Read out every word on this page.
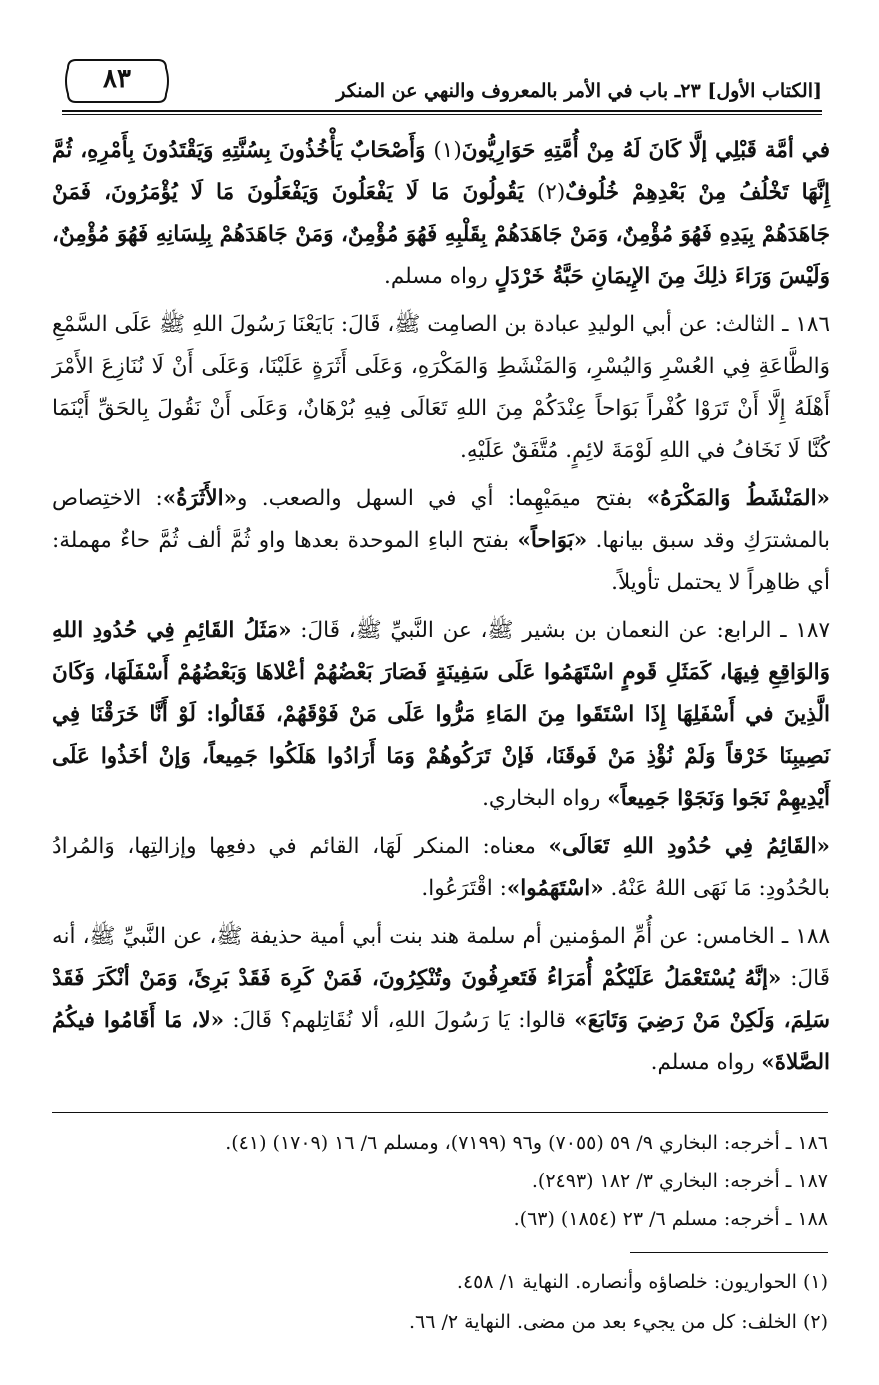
٨٣	[الكتاب الأول] ٢٣ـ باب في الأمر بالمعروف والنهي عن المنكر

في أمَّة قَبْلِي إلَّا كَانَ لَهُ مِنْ أُمَّتِهِ حَوَارِيُّونَ(١) وَأَصْحَابٌ يَأْخُذُونَ بِسُنَّتِهِ وَيَقْتَدُونَ بِأَمْرِهِ، ثُمَّ إِنَّهَا تَخْلُفُ مِنْ بَعْدِهِمْ خُلُوفٌ(٢) يَقُولُونَ مَا لَا يَفْعَلُونَ وَيَفْعَلُونَ مَا لَا يُؤْمَرُونَ، فَمَنْ جَاهَدَهُمْ بِيَدِهِ فَهُوَ مُؤْمِنٌ، وَمَنْ جَاهَدَهُمْ بِقَلْبِهِ فَهُوَ مُؤْمِنٌ، وَمَنْ جَاهَدَهُمْ بِلِسَانِهِ فَهُوَ مُؤْمِنٌ، وَلَيْسَ وَرَاءَ ذلِكَ مِنَ الإِيمَانِ حَبَّةُ خَرْدَلٍ رواه مسلم.

١٨٦ ـ الثالث: عن أبي الوليدِ عبادة بن الصامِت ﷺ، قَالَ: بَايَعْنَا رَسُولَ اللهِ ﷺ عَلَى السَّمْعِ وَالطَّاعَةِ فِي العُسْرِ وَاليُسْرِ، وَالمَنْشَطِ وَالمَكْرَهِ، وَعَلَى أَثَرَةٍ عَلَيْنَا، وَعَلَى أَنْ لَا نُنَازِعَ الأَمْرَ أَهْلَهُ إِلَّا أَنْ تَرَوْا كُفْراً بَوَاحاً عِنْدَكُمْ مِنَ اللهِ تَعَالَى فِيهِ بُرْهَانٌ، وَعَلَى أَنْ نَقُولَ بِالحَقِّ أَيْنَمَا كُنَّا لَا نَخَافُ في اللهِ لَوْمَةَ لائِمٍ. مُتَّفَقٌ عَلَيْهِ.

«المَنْشَطُ وَالمَكْرَهُ» بفتح ميمَيْهِما: أي في السهل والصعب. و«الأَثَرَةُ»: الاختِصاص بالمشترَكِ وقد سبق بيانها. «بَوَاحاً» بفتح الباءِ الموحدة بعدها واو ثُمَّ ألف ثُمَّ حاءٌ مهملة: أي ظاهِراً لا يحتمل تأويلاً.

١٨٧ ـ الرابع: عن النعمان بن بشير ﷺ، عن النَّبيِّ ﷺ، قَالَ: «مَثَلُ القَائِمِ فِي حُدُودِ اللهِ وَالوَاقِعِ فِيهَا، كَمَثَلِ قَومٍ اسْتَهَمُوا عَلَى سَفِينَةٍ فَصَارَ بَعْضُهُمْ أعْلاهَا وَبَعْضُهُمْ أَسْفَلَهَا، وَكَانَ الَّذِينَ في أَسْفَلِهَا إِذَا اسْتَقَوا مِنَ المَاءِ مَرُّوا عَلَى مَنْ فَوْقَهُمْ، فَقَالُوا: لَوْ أَنَّا خَرَقْنَا فِي نَصِيبِنَا خَرْقاً وَلَمْ نُؤْذِ مَنْ فَوقَنَا، فَإنْ تَرَكُوهُمْ وَمَا أَرَادُوا هَلَكُوا جَمِيعاً، وَإنْ أخَذُوا عَلَى أَيْدِيهِمْ نَجَوا وَنَجَوْا جَمِيعاً» رواه البخاري.

«القَائِمُ فِي حُدُودِ اللهِ تَعَالَى» معناه: المنكر لَهَا، القائم في دفعِها وإزالتِها، وَالمُرادُ بالحُدُودِ: مَا نَهَى اللهُ عَنْهُ. «اسْتَهَمُوا»: اقْتَرَعُوا.

١٨٨ ـ الخامس: عن أُمِّ المؤمنين أم سلمة هند بنت أبي أمية حذيفة ﷺ، عن النَّبيِّ ﷺ، أنه قَالَ: «إنَّهُ يُسْتَعْمَلُ عَلَيْكُمْ أُمَرَاءُ فَتَعرِفُونَ وتُنْكِرُونَ، فَمَنْ كَرِهَ فَقَدْ بَرِئَ، وَمَنْ أنْكَرَ فَقَدْ سَلِمَ، وَلَكِنْ مَنْ رَضِيَ وَتَابَعَ» قالوا: يَا رَسُولَ اللهِ، ألا نُقَاتِلهم؟ قَالَ: «لا، مَا أَقَامُوا فيكُمُ الصَّلاةَ» رواه مسلم.

١٨٦ ـ أخرجه: البخاري ٩/ ٥٩ (٧٠٥٥) و٩٦ (٧١٩٩)، ومسلم ٦/ ١٦ (١٧٠٩) (٤١).
١٨٧ ـ أخرجه: البخاري ٣/ ١٨٢ (٢٤٩٣).
١٨٨ ـ أخرجه: مسلم ٦/ ٢٣ (١٨٥٤) (٦٣).
(١) الحواريون: خلصاؤه وأنصاره. النهاية ١/ ٤٥٨.
(٢) الخلف: كل من يجيء بعد من مضى. النهاية ٢/ ٦٦.
